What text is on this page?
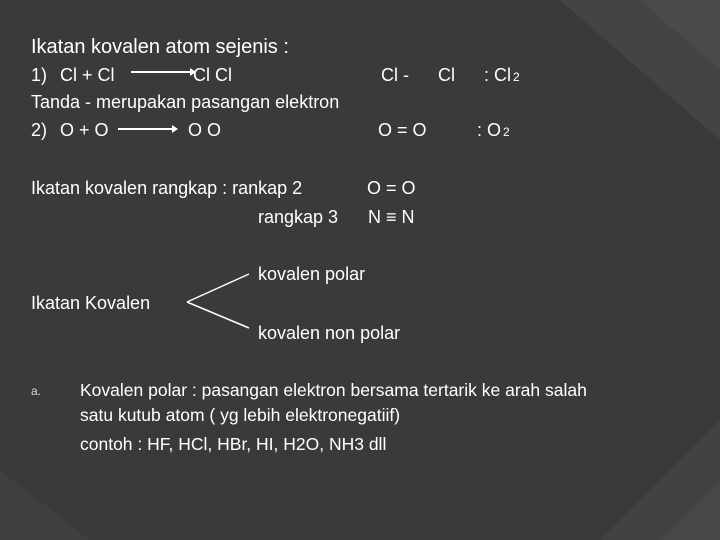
Ikatan kovalen atom sejenis :
1) Cl + Cl	Cl Cl	Cl - Cl : Cl 2
Tanda - merupakan pasangan elektron
2) O + O	O O	O = O	: O 2
Ikatan kovalen rangkap : rankap 2	O = O
rangkap 3 N ≡ N
kovalen polar
Ikatan Kovalen
kovalen non polar
a. Kovalen polar : pasangan elektron bersama tertarik ke arah salah
satu kutub atom ( yg lebih elektronegatiif)
contoh : HF, HCl, HBr, HI, H2O, NH3 dll
